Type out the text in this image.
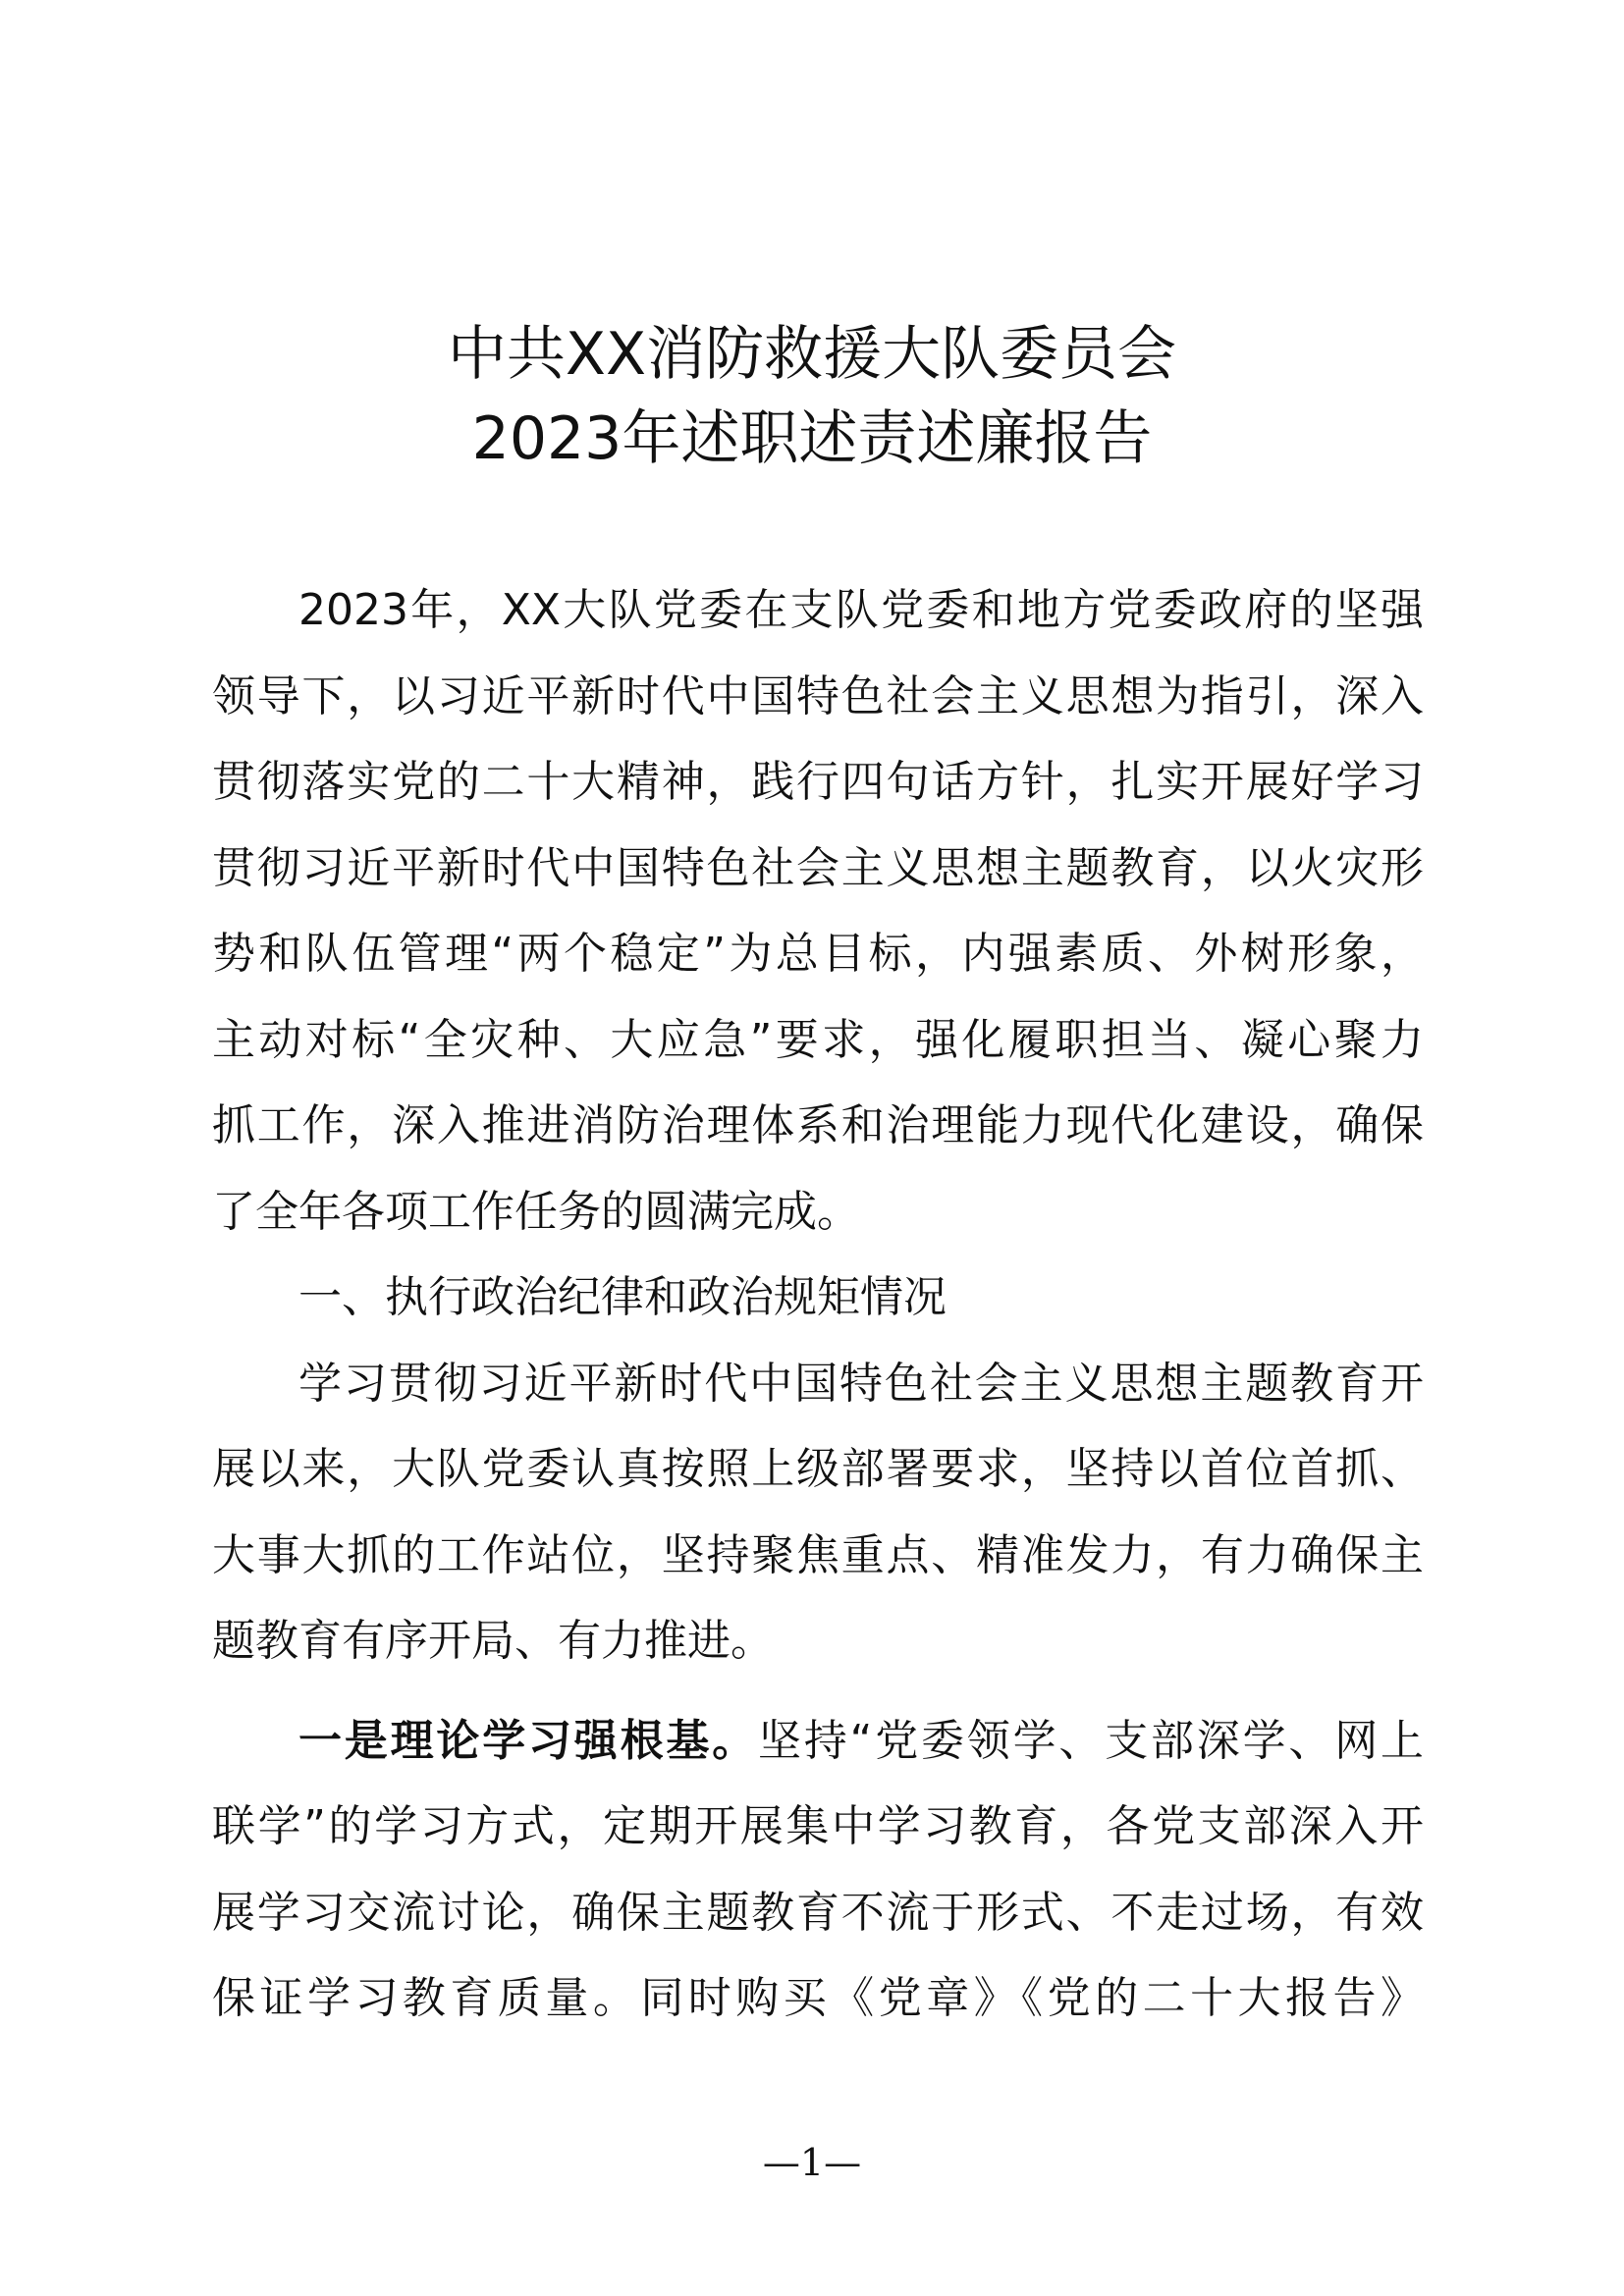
中共XX消防救援大队委员会
2023年述职述责述廉报告
2023年，XX大队党委在支队党委和地方党委政府的坚强
领导下，以习近平新时代中国特色社会主义思想为指引，深入
贯彻落实党的二十大精神，践行四句话方针，扎实开展好学习
贯彻习近平新时代中国特色社会主义思想主题教育，以火灾形
势和队伍管理“两个稳定”为总目标，内强素质、外树形象，
主动对标“全灾种、大应急”要求，强化履职担当、凝心聚力
抓工作，深入推进消防治理体系和治理能力现代化建设，确保
了全年各项工作任务的圆满完成。
一、执行政治纪律和政治规矩情况
学习贯彻习近平新时代中国特色社会主义思想主题教育开
展以来，大队党委认真按照上级部署要求，坚持以首位首抓、
大事大抓的工作站位，坚持聚焦重点、精准发力，有力确保主
题教育有序开局、有力推进。
一是理论学习强根基。坚持“党委领学、支部深学、网上
联学”的学习方式，定期开展集中学习教育，各党支部深入开
展学习交流讨论，确保主题教育不流于形式、不走过场，有效
保证学习教育质量。同时购买《党章》《党的二十大报告》
—1—
